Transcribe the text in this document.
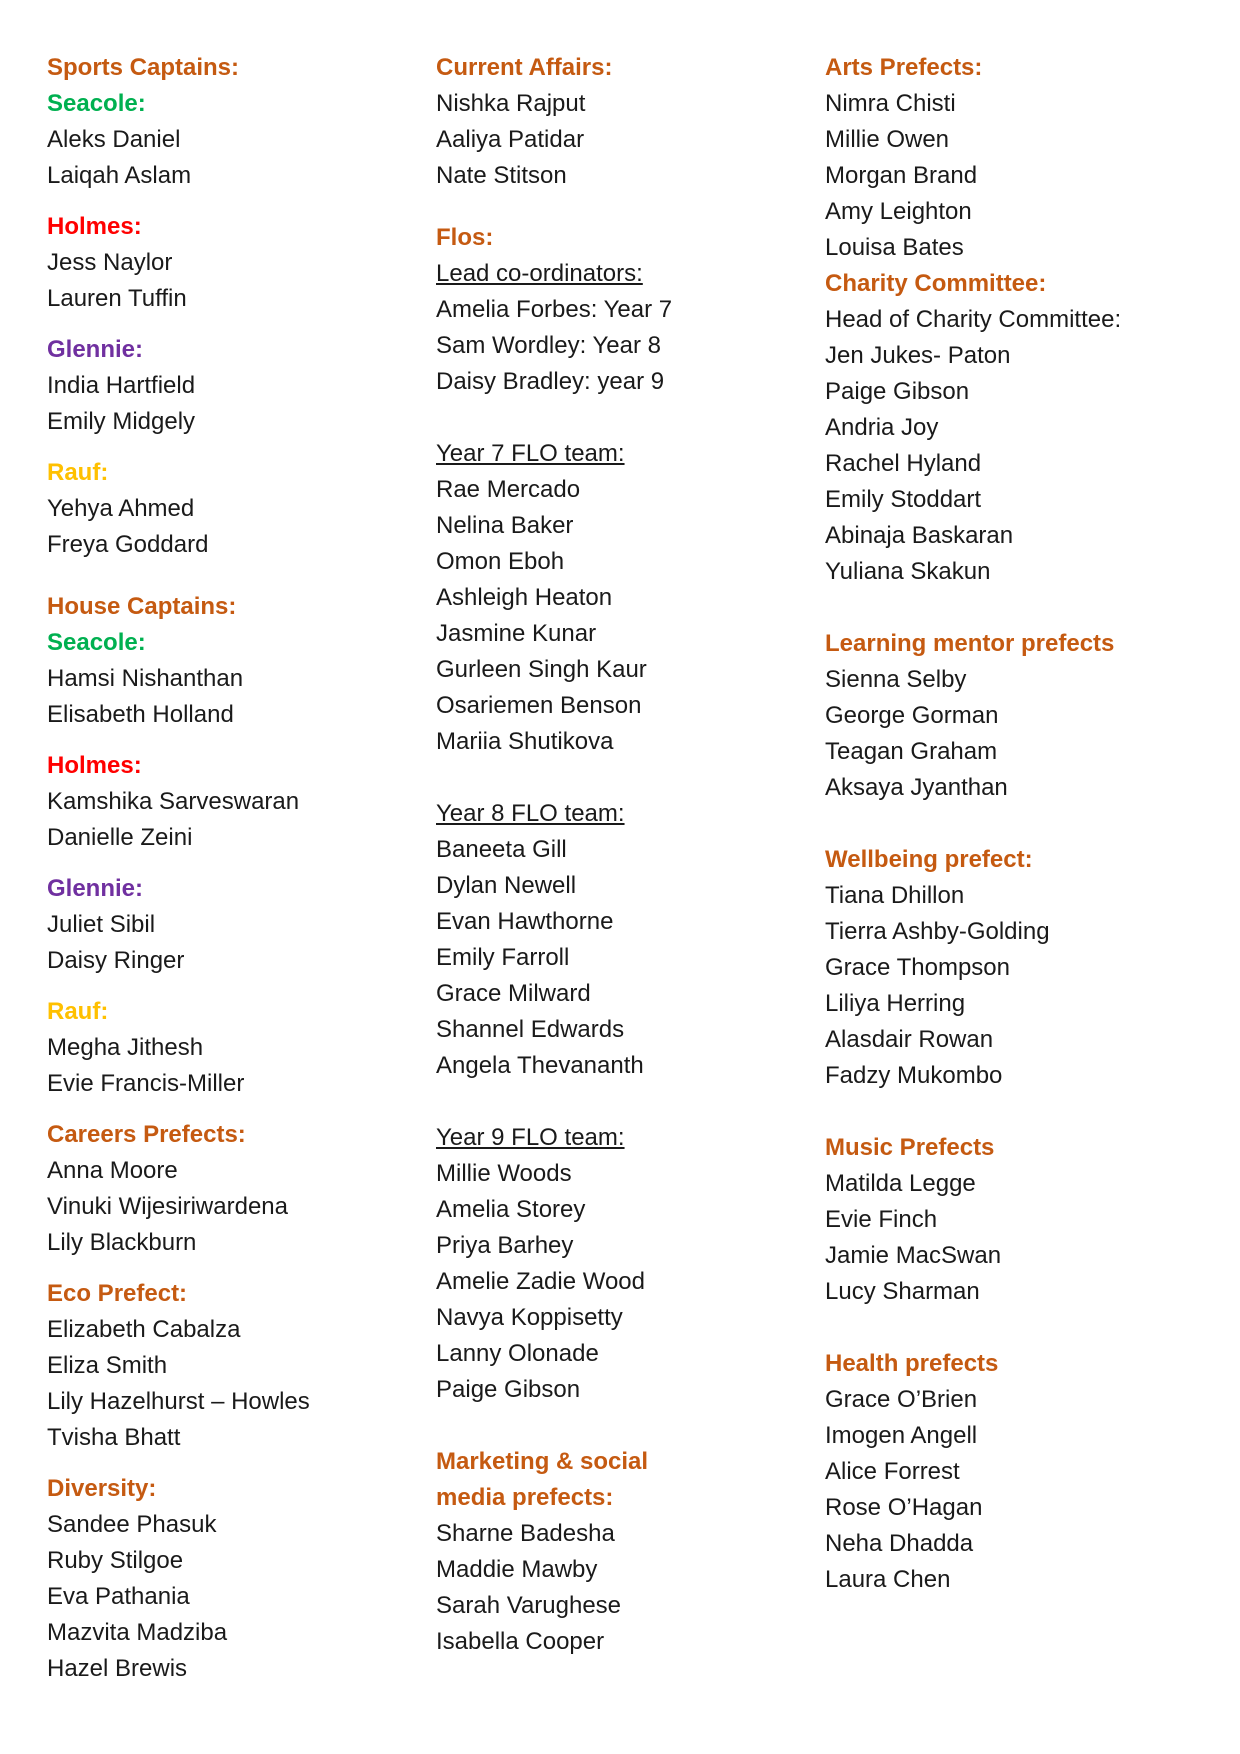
Sports Captains:
Seacole:
Aleks Daniel
Laiqah Aslam
Holmes:
Jess Naylor
Lauren Tuffin
Glennie:
India Hartfield
Emily Midgely
Rauf:
Yehya Ahmed
Freya Goddard
House Captains:
Seacole:
Hamsi Nishanthan
Elisabeth Holland
Holmes:
Kamshika Sarveswaran
Danielle Zeini
Glennie:
Juliet Sibil
Daisy Ringer
Rauf:
Megha Jithesh
Evie Francis-Miller
Careers Prefects:
Anna Moore
Vinuki Wijesiriwardena
Lily Blackburn
Eco Prefect:
Elizabeth Cabalza
Eliza Smith
Lily Hazelhurst – Howles
Tvisha Bhatt
Diversity:
Sandee Phasuk
Ruby Stilgoe
Eva Pathania
Mazvita Madziba
Hazel Brewis
Current Affairs:
Nishka Rajput
Aaliya Patidar
Nate Stitson
Flos:
Lead co-ordinators:
Amelia Forbes: Year 7
Sam Wordley: Year 8
Daisy Bradley: year 9
Year 7 FLO team:
Rae Mercado
Nelina Baker
Omon Eboh
Ashleigh Heaton
Jasmine Kunar
Gurleen Singh Kaur
Osariemen Benson
Mariia Shutikova
Year 8 FLO team:
Baneeta Gill
Dylan Newell
Evan Hawthorne
Emily Farroll
Grace Milward
Shannel Edwards
Angela Thevananth
Year 9 FLO team:
Millie Woods
Amelia Storey
Priya Barhey
Amelie Zadie Wood
Navya Koppisetty
Lanny Olonade
Paige Gibson
Marketing & social
media prefects:
Sharne Badesha
Maddie Mawby
Sarah Varughese
Isabella Cooper
Arts Prefects:
Nimra Chisti
Millie Owen
Morgan Brand
Amy Leighton
Louisa Bates
Charity Committee:
Head of Charity Committee:
Jen Jukes- Paton
Paige Gibson
Andria Joy
Rachel Hyland
Emily Stoddart
Abinaja Baskaran
Yuliana Skakun
Learning mentor prefects
Sienna Selby
George Gorman
Teagan Graham
Aksaya Jyanthan
Wellbeing prefect:
Tiana Dhillon
Tierra Ashby-Golding
Grace Thompson
Liliya Herring
Alasdair Rowan
Fadzy Mukombo
Music Prefects
Matilda Legge
Evie Finch
Jamie MacSwan
Lucy Sharman
Health prefects
Grace O’Brien
Imogen Angell
Alice Forrest
Rose O’Hagan
Neha Dhadda
Laura Chen
